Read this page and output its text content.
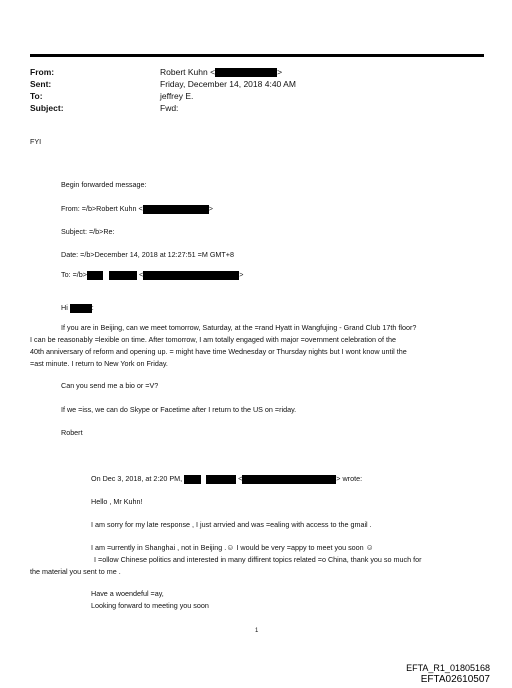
From:	Robert Kuhn <	>
Sent:	Friday, December 14, 2018 4:40 AM
To:	jeffrey E.
Subject:	Fwd:
FYI
Begin forwarded message:
From: =/b>Robert Kuhn <	>
Subject: =/b>Re:
Date: =/b>December 14, 2018 at 12:27:51 =M GMT+8
To: =/b>	<	>
Hi	:
If you are in Beijing, can we meet tomorrow, Saturday, at the =rand Hyatt in Wangfujing - Grand Club 17th floor?
I can be reasonably =lexible on time. After tomorrow, I am totally engaged with major =overnment celebration of the
40th anniversary of reform and opening up. = might have time Wednesday or Thursday nights but I wont know until the
=ast minute. I return to New York on Friday.
Can you send me a bio or =V?
If we =iss, we can do Skype or Facetime after I return to the US on =riday.
Robert
On Dec 3, 2018, at 2:20 PM,	<	> wrote:
Hello , Mr Kuhn!
I am sorry for my late response , I just arrvied and was =ealing with access to the gmail .
I am =urrently in Shanghai , not in Beijing .☺ I would be very =appy to meet you soon ☺
I =ollow Chinese politics and interested in many diffirent topics related =o China, thank you so much for
the material you sent to me .
Have a woendeful =ay,
Looking forward to meeting you soon
1
EFTA_R1_01805168
EFTA02610507
